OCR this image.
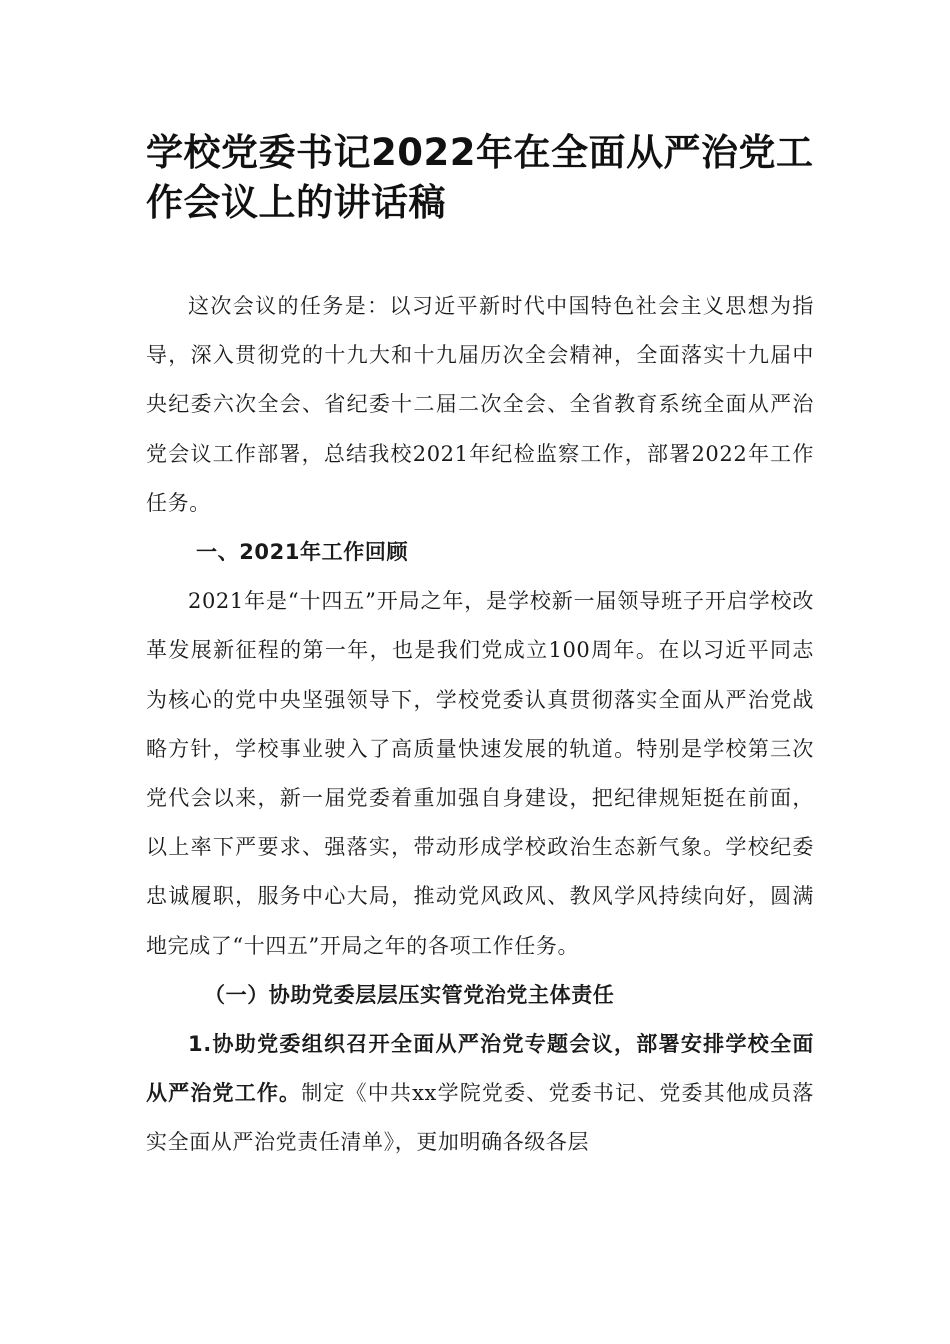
学校党委书记2022年在全面从严治党工作会议上的讲话稿

这次会议的任务是：以习近平新时代中国特色社会主义思想为指导，深入贯彻党的十九大和十九届历次全会精神，全面落实十九届中央纪委六次全会、省纪委十二届二次全会、全省教育系统全面从严治党会议工作部署，总结我校2021年纪检监察工作，部署2022年工作任务。

一、2021年工作回顾

2021年是“十四五”开局之年，是学校新一届领导班子开启学校改革发展新征程的第一年，也是我们党成立100周年。在以习近平同志为核心的党中央坚强领导下，学校党委认真贯彻落实全面从严治党战略方针，学校事业驶入了高质量快速发展的轨道。特别是学校第三次党代会以来，新一届党委着重加强自身建设，把纪律规矩挺在前面，以上率下严要求、强落实，带动形成学校政治生态新气象。学校纪委忠诚履职，服务中心大局，推动党风政风、教风学风持续向好，圆满地完成了“十四五”开局之年的各项工作任务。

（一）协助党委层层压实管党治党主体责任

1.协助党委组织召开全面从严治党专题会议，部署安排学校全面从严治党工作。制定《中共xx学院党委、党委书记、党委其他成员落实全面从严治党责任清单》，更加明确各级各层
